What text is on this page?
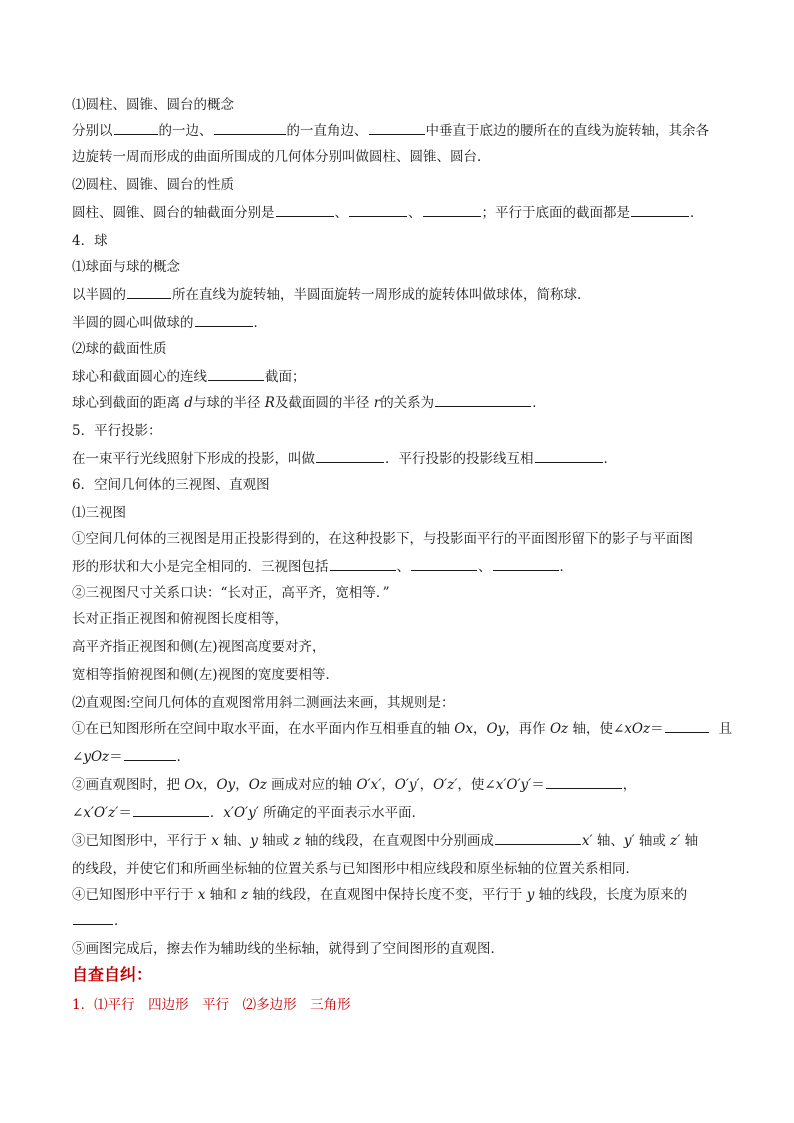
⑴圆柱、圆锥、圆台的概念
分别以	的一边、	的一直角边、	中垂直于底边的腰所在的直线为旋转轴，其余各
边旋转一周而形成的曲面所围成的几何体分别叫做圆柱、圆锥、圆台．
⑵圆柱、圆锥、圆台的性质
圆柱、圆锥、圆台的轴截面分别是	、	、	；平行于底面的截面都是	．
4．球
⑴球面与球的概念
以半圆的	所在直线为旋转轴，半圆面旋转一周形成的旋转体叫做球体，简称球．
半圆的圆心叫做球的	．
⑵球的截面性质
球心和截面圆心的连线	截面；
球心到截面的距离 d与球的半径 R及截面圆的半径 r的关系为	．
5．平行投影：
在一束平行光线照射下形成的投影，叫做	．平行投影的投影线互相	．
6．空间几何体的三视图、直观图
⑴三视图
①空间几何体的三视图是用正投影得到的，在这种投影下，与投影面平行的平面图形留下的影子与平面图
形的形状和大小是完全相同的．三视图包括	、	、	．
②三视图尺寸关系口诀：“长对正，高平齐，宽相等．”
长对正指正视图和俯视图长度相等，
高平齐指正视图和侧(左)视图高度要对齐，
宽相等指俯视图和侧(左)视图的宽度要相等．
⑵直观图:空间几何体的直观图常用斜二测画法来画，其规则是：
①在已知图形所在空间中取水平面，在水平面内作互相垂直的轴 Ox，Oy，再作 Oz 轴，使∠xOz＝	且
∠yOz＝	．
②画直观图时，把 Ox，Oy，Oz 画成对应的轴 O′x′，O′y′，O′z′，使∠x′O′y′＝	，
∠x′O′z′＝	．x′O′y′ 所确定的平面表示水平面．
③已知图形中，平行于 x 轴、y 轴或 z 轴的线段，在直观图中分别画成	x′ 轴、y′ 轴或 z′ 轴
的线段，并使它们和所画坐标轴的位置关系与已知图形中相应线段和原坐标轴的位置关系相同．
④已知图形中平行于 x 轴和 z 轴的线段，在直观图中保持长度不变，平行于 y 轴的线段，长度为原来的
．
⑤画图完成后，擦去作为辅助线的坐标轴，就得到了空间图形的直观图．
自查自纠：
1．⑴平行　四边形　平行　⑵多边形　三角形
